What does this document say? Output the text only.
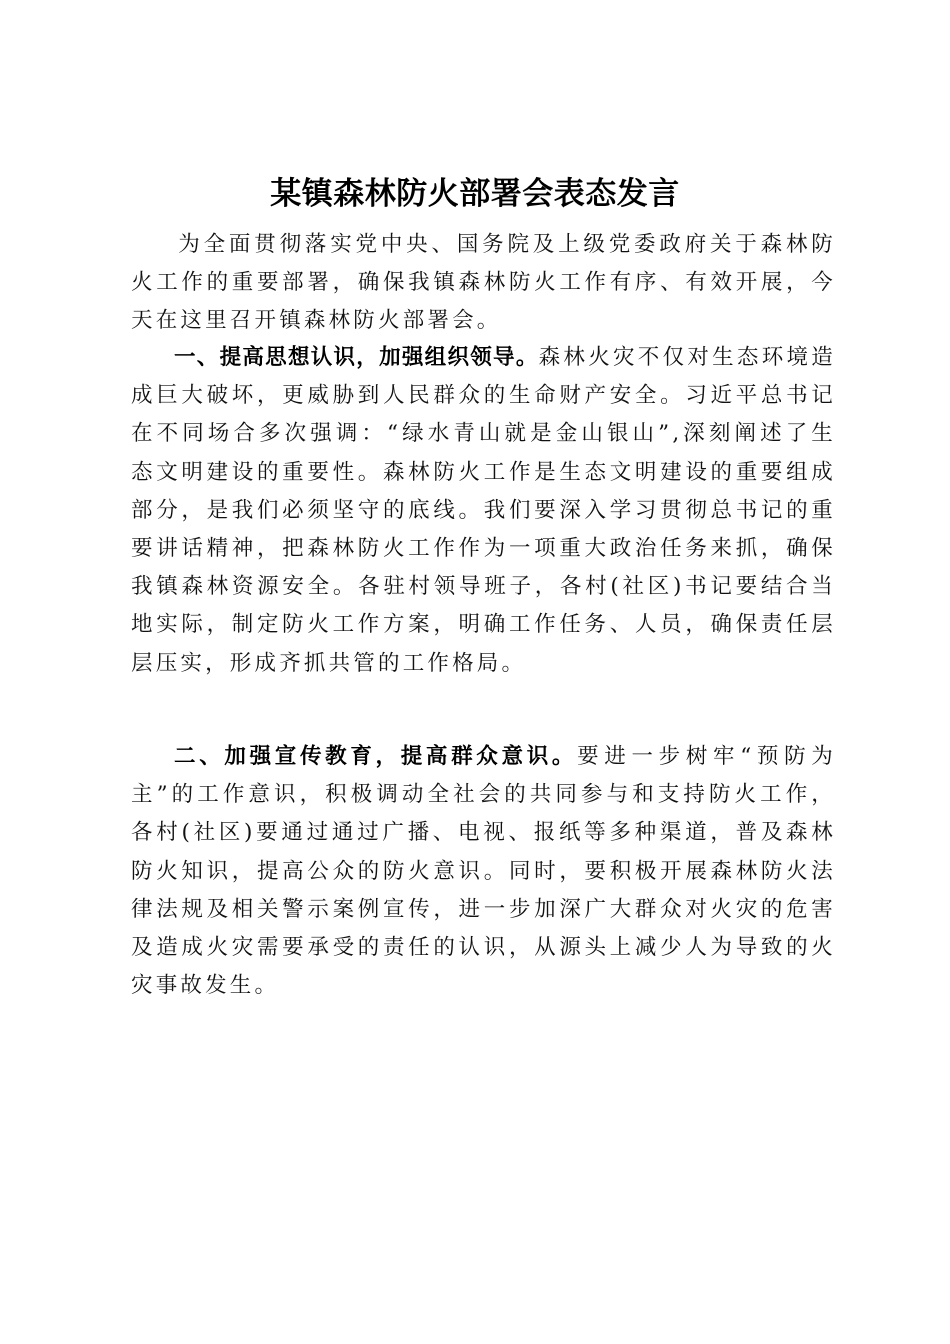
某镇森林防火部署会表态发言

为全面贯彻落实党中央、国务院及上级党委政府关于森林防火工作的重要部署，确保我镇森林防火工作有序、有效开展，今天在这里召开镇森林防火部署会。

一、提高思想认识，加强组织领导。森林火灾不仅对生态环境造成巨大破坏，更威胁到人民群众的生命财产安全。习近平总书记在不同场合多次强调：“绿水青山就是金山银山”,深刻阐述了生态文明建设的重要性。森林防火工作是生态文明建设的重要组成部分，是我们必须坚守的底线。我们要深入学习贯彻总书记的重要讲话精神，把森林防火工作作为一项重大政治任务来抓，确保我镇森林资源安全。各驻村领导班子，各村(社区)书记要结合当地实际，制定防火工作方案，明确工作任务、人员，确保责任层层压实，形成齐抓共管的工作格局。

二、加强宣传教育，提高群众意识。要进一步树牢“预防为主”的工作意识，积极调动全社会的共同参与和支持防火工作，各村(社区)要通过通过广播、电视、报纸等多种渠道，普及森林防火知识，提高公众的防火意识。同时，要积极开展森林防火法律法规及相关警示案例宣传，进一步加深广大群众对火灾的危害及造成火灾需要承受的责任的认识，从源头上减少人为导致的火灾事故发生。
